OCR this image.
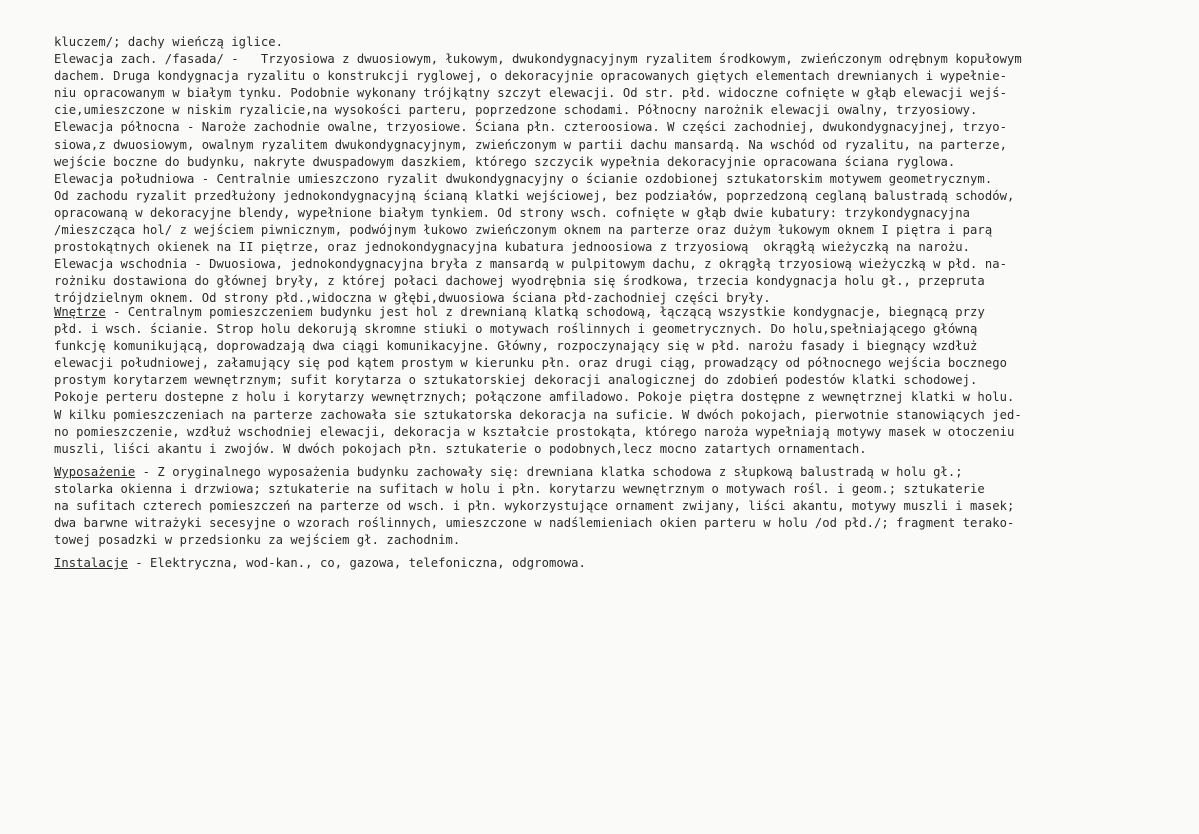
kluczem/; dachy wieńczą iglice.
Elewacja zach. /fasada/ -   Trzyosiowa z dwuosiowym, łukowym, dwukondygnacyjnym ryzalitem środkowym, zwieńczonym odrębnym kopułowym
dachem. Druga kondygnacja ryzalitu o konstrukcji ryglowej, o dekoracyjnie opracowanych giętych elementach drewnianych i wypełnie-
niu opracowanym w białym tynku. Podobnie wykonany trójkątny szczyt elewacji. Od str. płd. widoczne cofnięte w głąb elewacji wejś-
cie,umieszczone w niskim ryzalicie,na wysokości parteru, poprzedzone schodami. Północny narożnik elewacji owalny, trzyosiowy.
Elewacja północna - Naroże zachodnie owalne, trzyosiowe. Ściana płn. czteroosiowa. W części zachodniej, dwukondygnacyjnej, trzyo-
siowa,z dwuosiowym, owalnym ryzalitem dwukondygnacyjnym, zwieńczonym w partii dachu mansardą. Na wschód od ryzalitu, na parterze,
wejście boczne do budynku, nakryte dwuspadowym daszkiem, którego szczycik wypełnia dekoracyjnie opracowana ściana ryglowa.
Elewacja południowa - Centralnie umieszczono ryzalit dwukondygnacyjny o ścianie ozdobionej sztukatorskim motywem geometrycznym.
Od zachodu ryzalit przedłużony jednokondygnacyjną ścianą klatki wejściowej, bez podziałów, poprzedzoną ceglaną balustradą schodów,
opracowaną w dekoracyjne blendy, wypełnione białym tynkiem. Od strony wsch. cofnięte w głąb dwie kubatury: trzykondygnacyjna
/mieszcząca hol/ z wejściem piwnicznym, podwójnym łukowo zwieńczonym oknem na parterze oraz dużym łukowym oknem I piętra i parą
prostokątnych okienek na II piętrze, oraz jednokondygnacyjna kubatura jednoosiowa z trzyosiową  okrągłą wieżyczką na narożu.
Elewacja wschodnia - Dwuosiowa, jednokondygnacyjna bryła z mansardą w pulpitowym dachu, z okrągłą trzyosiową wieżyczką w płd. na-
rożniku dostawiona do głównej bryły, z której połaci dachowej wyodrębnia się środkowa, trzecia kondygnacja holu gł., przepruta
trójdzielnym oknem. Od strony płd.,widoczna w głębi,dwuosiowa ściana płd-zachodniej części bryły.
Wnętrze - Centralnym pomieszczeniem budynku jest hol z drewnianą klatką schodową, łączącą wszystkie kondygnacje, biegnącą przy
płd. i wsch. ścianie. Strop holu dekorują skromne stiuki o motywach roślinnych i geometrycznych. Do holu,spełniającego główną
funkcję komunikującą, doprowadzają dwa ciągi komunikacyjne. Główny, rozpoczynający się w płd. narożu fasady i biegnący wzdłuż
elewacji południowej, załamujący się pod kątem prostym w kierunku płn. oraz drugi ciąg, prowadzący od północnego wejścia bocznego
prostym korytarzem wewnętrznym; sufit korytarza o sztukatorskiej dekoracji analogicznej do zdobień podestów klatki schodowej.
Pokoje perteru dostepne z holu i korytarzy wewnętrznych; połączone amfiladowo. Pokoje piętra dostępne z wewnętrznej klatki w holu.
W kilku pomieszczeniach na parterze zachowała sie sztukatorska dekoracja na suficie. W dwóch pokojach, pierwotnie stanowiących jed-
no pomieszczenie, wzdłuż wschodniej elewacji, dekoracja w kształcie prostokąta, którego naroża wypełniają motywy masek w otoczeniu
muszli, liści akantu i zwojów. W dwóch pokojach płn. sztukaterie o podobnych,lecz mocno zatartych ornamentach.
Wyposażenie - Z oryginalnego wyposażenia budynku zachowały się: drewniana klatka schodowa z słupkową balustradą w holu gł.;
stolarka okienna i drzwiowa; sztukaterie na sufitach w holu i płn. korytarzu wewnętrznym o motywach rośl. i geom.; sztukaterie
na sufitach czterech pomieszczeń na parterze od wsch. i płn. wykorzystujące ornament zwijany, liści akantu, motywy muszli i masek;
dwa barwne witrażyki secesyjne o wzorach roślinnych, umieszczone w nadślemieniach okien parteru w holu /od płd./; fragment terako-
towej posadzki w przedsionku za wejściem gł. zachodnim.
Instalacje - Elektryczna, wod-kan., co, gazowa, telefoniczna, odgromowa.
